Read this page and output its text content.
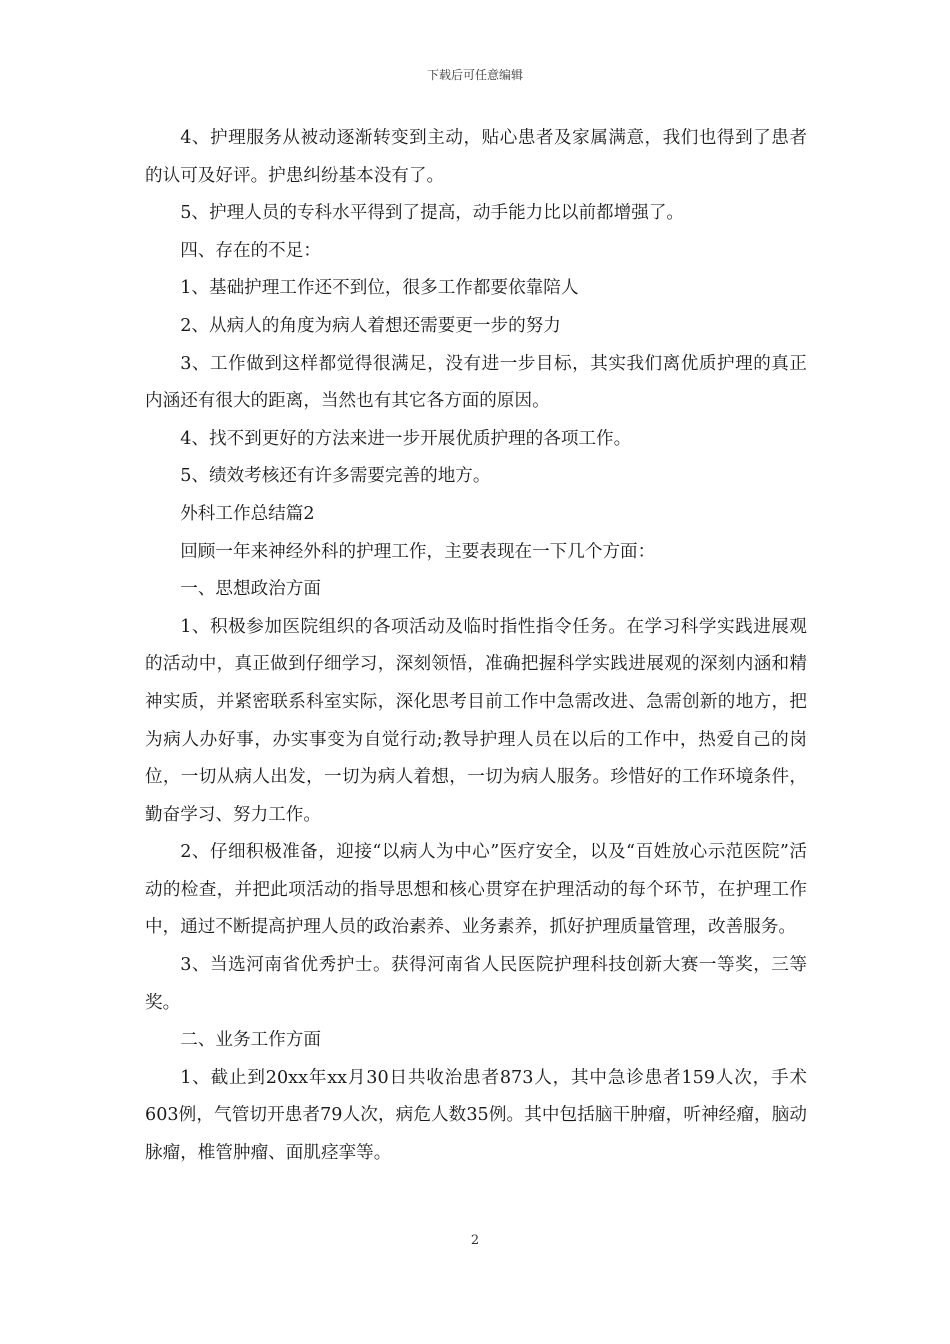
下载后可任意编辑

4、护理服务从被动逐渐转变到主动，贴心患者及家属满意，我们也得到了患者的认可及好评。护患纠纷基本没有了。

5、护理人员的专科水平得到了提高，动手能力比以前都增强了。

四、存在的不足：

1、基础护理工作还不到位，很多工作都要依靠陪人

2、从病人的角度为病人着想还需要更一步的努力

3、工作做到这样都觉得很满足，没有进一步目标，其实我们离优质护理的真正内涵还有很大的距离，当然也有其它各方面的原因。

4、找不到更好的方法来进一步开展优质护理的各项工作。

5、绩效考核还有许多需要完善的地方。

外科工作总结篇2

回顾一年来神经外科的护理工作，主要表现在一下几个方面：

一、思想政治方面

1、积极参加医院组织的各项活动及临时指性指令任务。在学习科学实践进展观的活动中，真正做到仔细学习，深刻领悟，准确把握科学实践进展观的深刻内涵和精神实质，并紧密联系科室实际，深化思考目前工作中急需改进、急需创新的地方，把为病人办好事，办实事变为自觉行动;教导护理人员在以后的工作中，热爱自己的岗位，一切从病人出发，一切为病人着想，一切为病人服务。珍惜好的工作环境条件，勤奋学习、努力工作。

2、仔细积极准备，迎接“以病人为中心”医疗安全，以及“百姓放心示范医院”活动的检查，并把此项活动的指导思想和核心贯穿在护理活动的每个环节，在护理工作中，通过不断提高护理人员的政治素养、业务素养，抓好护理质量管理，改善服务。

3、当选河南省优秀护士。获得河南省人民医院护理科技创新大赛一等奖，三等奖。

二、业务工作方面

1、截止到20xx年xx月30日共收治患者873人，其中急诊患者159人次，手术603例，气管切开患者79人次，病危人数35例。其中包括脑干肿瘤，听神经瘤，脑动脉瘤，椎管肿瘤、面肌痉挛等。

2
